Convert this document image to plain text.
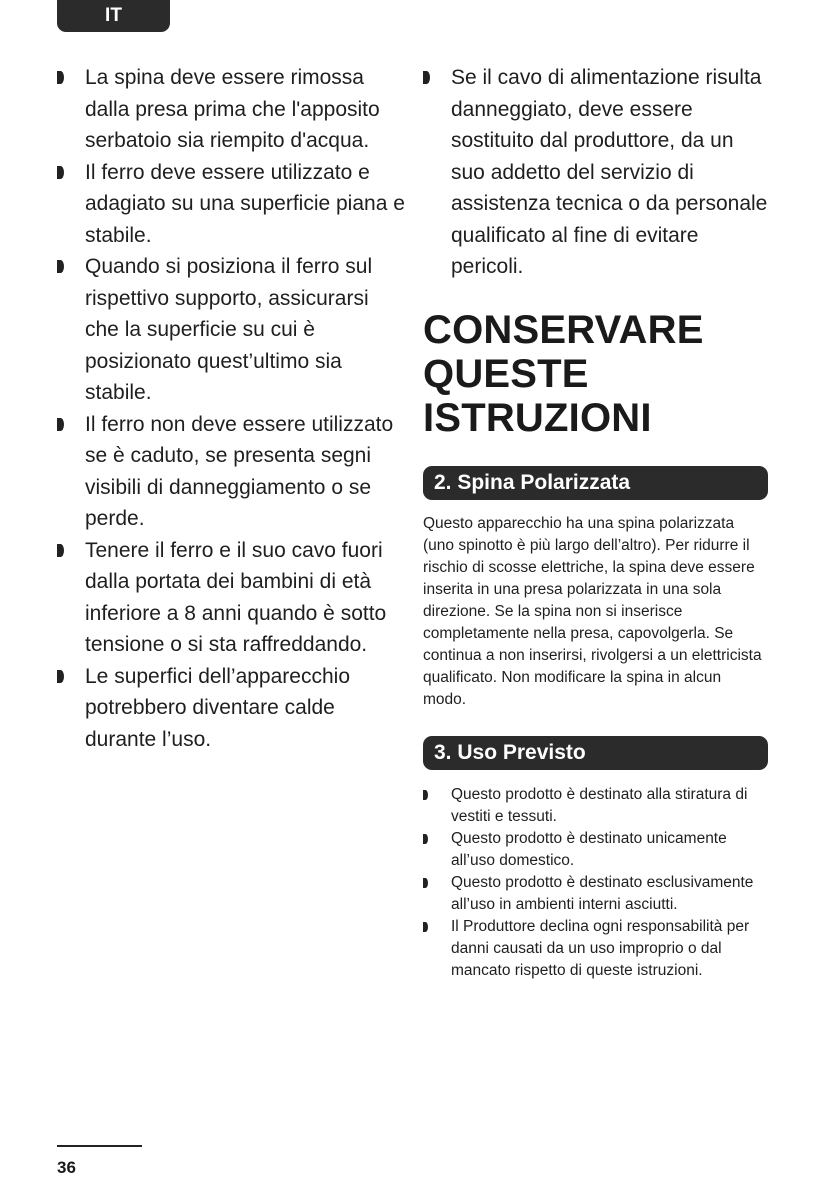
IT
La spina deve essere rimossa dalla presa prima che l'apposito serbatoio sia riempito d'acqua.
Il ferro deve essere utilizzato e adagiato su una superficie piana e stabile.
Quando si posiziona il ferro sul rispettivo supporto, assicurarsi che la superficie su cui è posizionato quest’ultimo sia stabile.
Il ferro non deve essere utilizzato se è caduto, se presenta segni visibili di danneggiamento o se perde.
Tenere il ferro e il suo cavo fuori dalla portata dei bambini di età inferiore a 8 anni quando è sotto tensione o si sta raffreddando.
Le superfici dell’apparecchio potrebbero diventare calde durante l’uso.
Se il cavo di alimentazione risulta danneggiato, deve essere sostituito dal produttore, da un suo addetto del servizio di assistenza tecnica o da personale qualificato al fine di evitare pericoli.
CONSERVARE
QUESTE
ISTRUZIONI
2. Spina Polarizzata

Questo apparecchio ha una spina polarizzata (uno spinotto è più largo dell’altro). Per ridurre il rischio di scosse elettriche, la spina deve essere inserita in una presa polarizzata in una sola direzione. Se la spina non si inserisce completamente nella presa, capovolgerla. Se continua a non inserirsi, rivolgersi a un elettricista qualificato. Non modificare la spina in alcun modo.

3. Uso Previsto
Questo prodotto è destinato alla stiratura di vestiti e tessuti.
Questo prodotto è destinato unicamente all’uso domestico.
Questo prodotto è destinato esclusivamente all’uso in ambienti interni asciutti.
Il Produttore declina ogni responsabilità per danni causati da un uso improprio o dal mancato rispetto di queste istruzioni.
36
